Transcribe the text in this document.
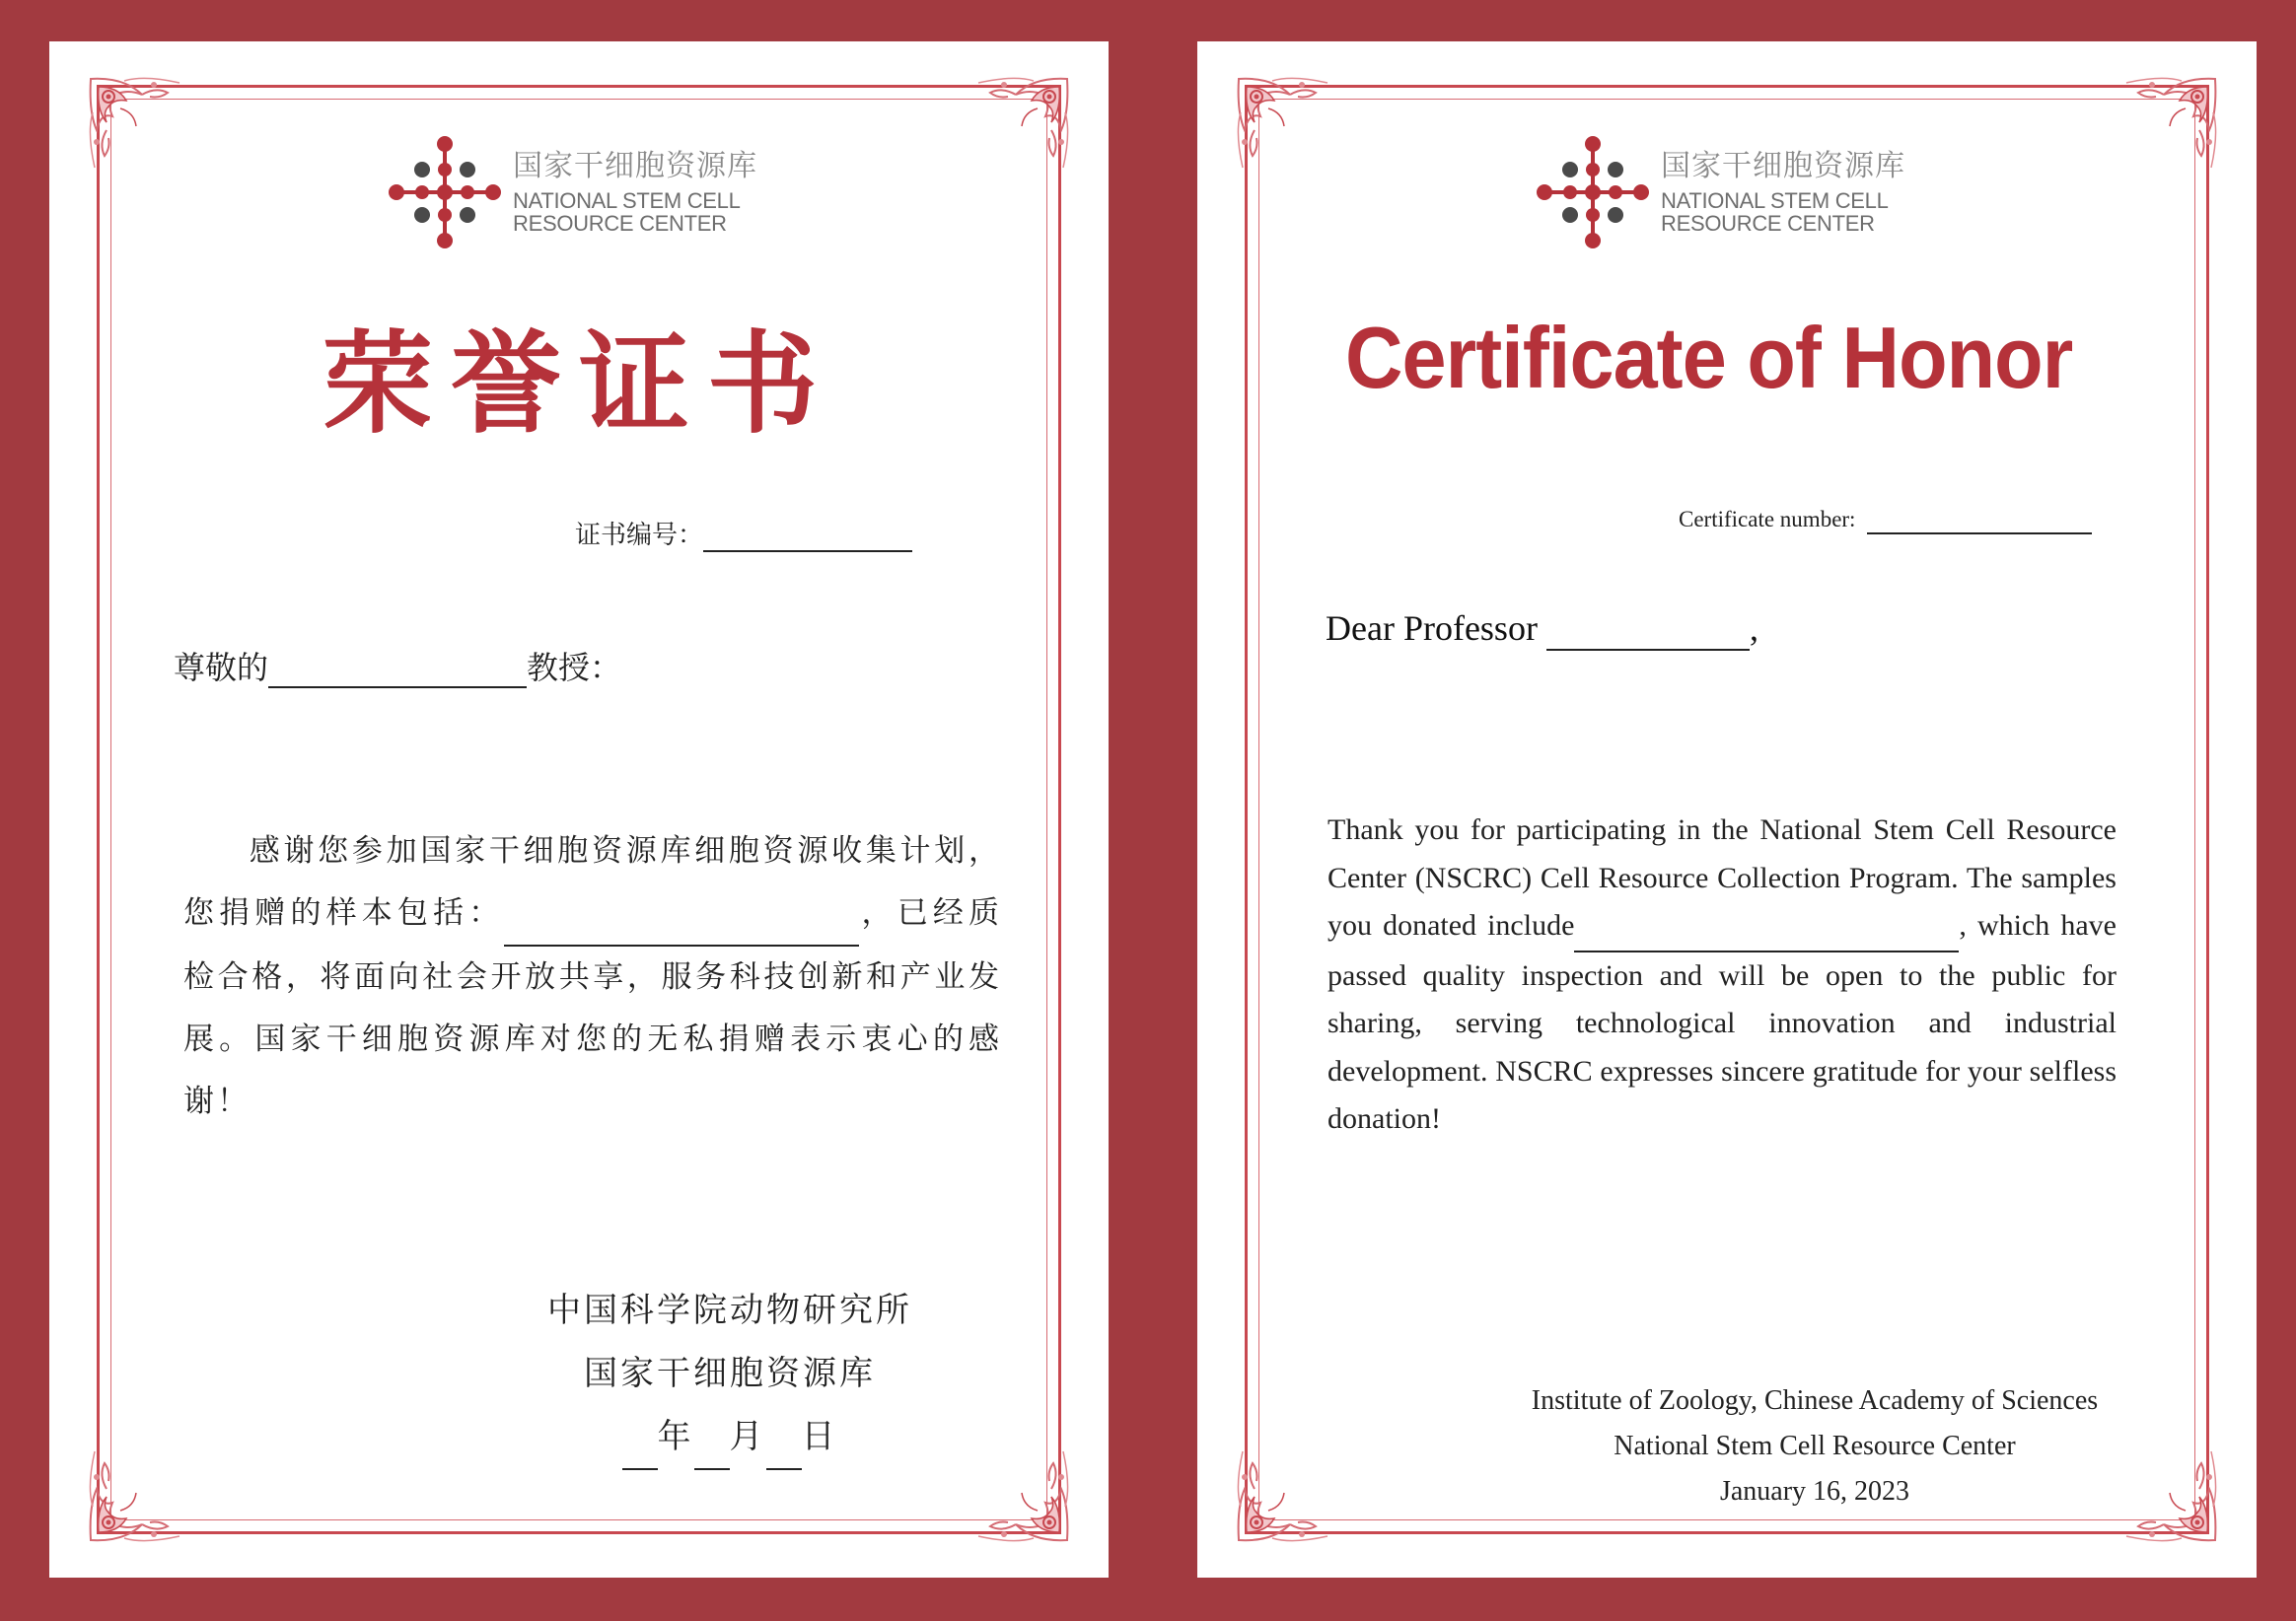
国家干细胞资源库
NATIONAL STEM CELL
RESOURCE CENTER
荣誉证书
证书编号：
尊敬的	教授：
感谢您参加国家干细胞资源库细胞资源收集计划，您捐赠的样本包括：	，已经质检合格，将面向社会开放共享，服务科技创新和产业发展。国家干细胞资源库对您的无私捐赠表示衷心的感谢！
中国科学院动物研究所
国家干细胞资源库
年 月 日
国家干细胞资源库
NATIONAL STEM CELL
RESOURCE CENTER
Certificate of Honor
Certificate number:
Dear Professor	,
Thank you for participating in the National Stem Cell Resource Center (NSCRC) Cell Resource Collection Program. The samples you donated include	, which have passed quality inspection and will be open to the public for sharing, serving technological innovation and industrial development. NSCRC expresses sincere gratitude for your selfless donation!
Institute of Zoology, Chinese Academy of Sciences
National Stem Cell Resource Center
January 16, 2023
